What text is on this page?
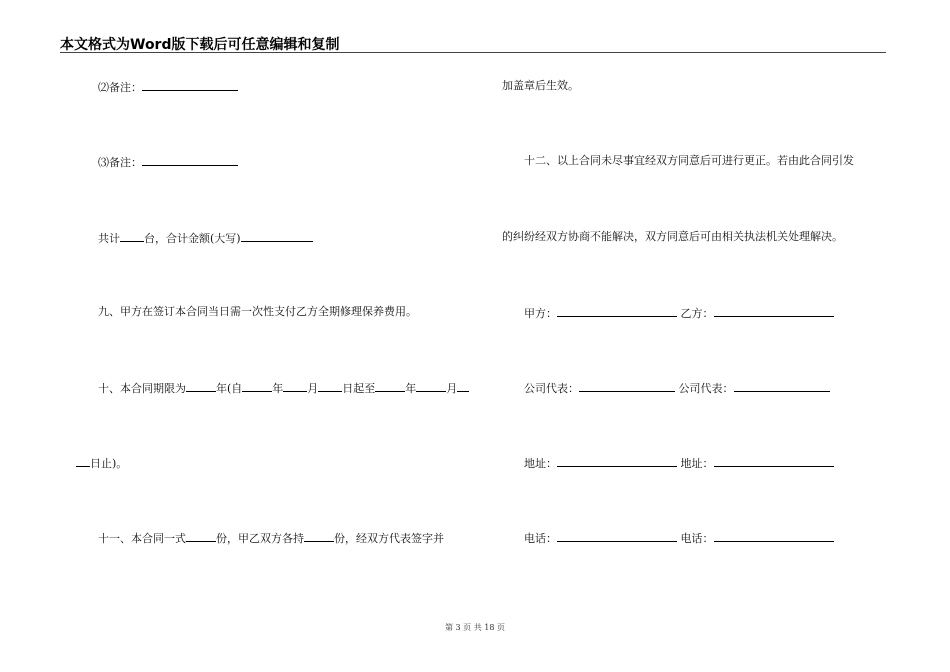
本文格式为Word版下载后可任意编辑和复制
⑵备注：
⑶备注：
共计 台，合计金额(大写)
九、甲方在签订本合同当日需一次性支付乙方全期修理保养费用。
十、本合同期限为	年(自	年 月 日起至	年	月
日止)。
十一、本合同一式	份，甲乙双方各持	份，经双方代表签字并
加盖章后生效。
十二、以上合同未尽事宜经双方同意后可进行更正。若由此合同引发
的纠纷经双方协商不能解决，双方同意后可由相关执法机关处理解决。
甲方：	乙方：
公司代表：	公司代表：
地址：	地址：
电话：	电话：
第 3 页 共 18 页
